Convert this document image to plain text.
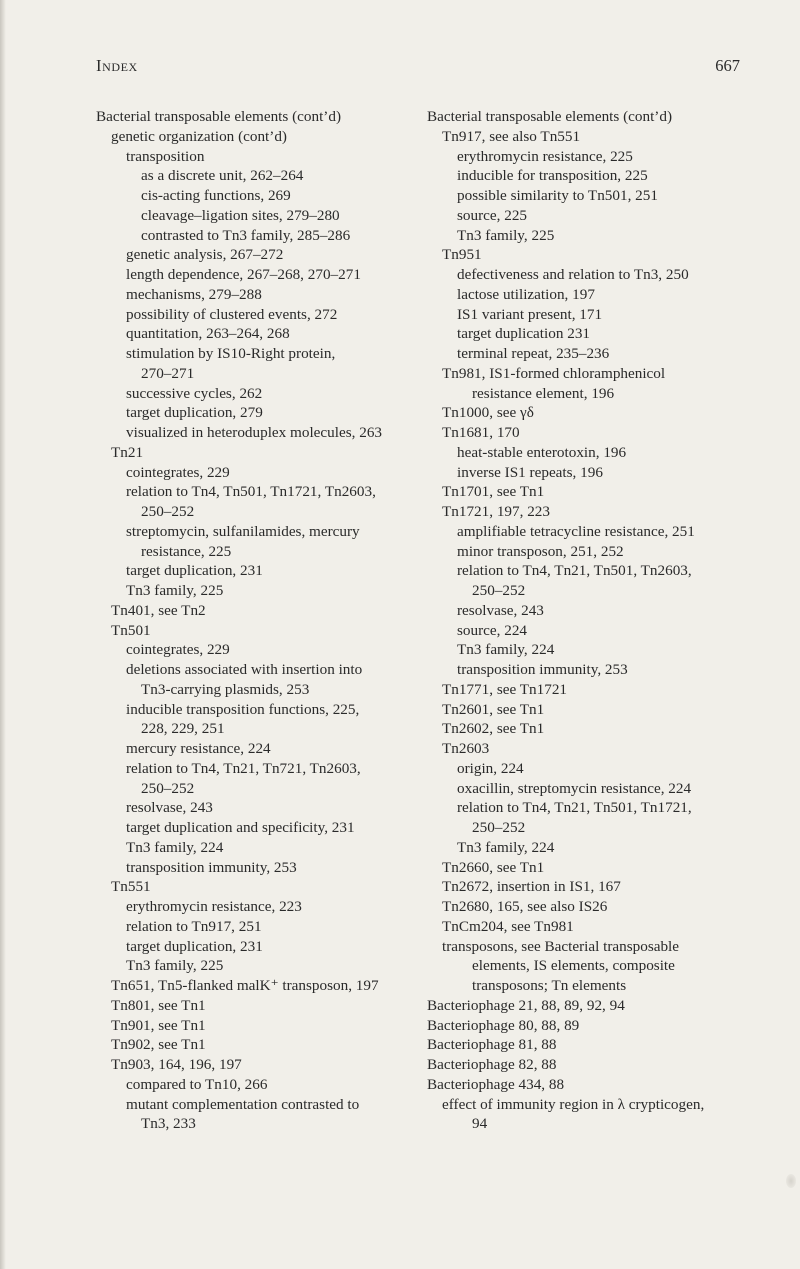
Index	667
Bacterial transposable elements (cont’d)
genetic organization (cont’d)
transposition
as a discrete unit, 262–264
cis-acting functions, 269
cleavage–ligation sites, 279–280
contrasted to Tn3 family, 285–286
genetic analysis, 267–272
length dependence, 267–268, 270–271
mechanisms, 279–288
possibility of clustered events, 272
quantitation, 263–264, 268
stimulation by IS10-Right protein,
270–271
successive cycles, 262
target duplication, 279
visualized in heteroduplex molecules, 263
Tn21
cointegrates, 229
relation to Tn4, Tn501, Tn1721, Tn2603,
250–252
streptomycin, sulfanilamides, mercury
resistance, 225
target duplication, 231
Tn3 family, 225
Tn401, see Tn2
Tn501
cointegrates, 229
deletions associated with insertion into
Tn3-carrying plasmids, 253
inducible transposition functions, 225,
228, 229, 251
mercury resistance, 224
relation to Tn4, Tn21, Tn721, Tn2603,
250–252
resolvase, 243
target duplication and specificity, 231
Tn3 family, 224
transposition immunity, 253
Tn551
erythromycin resistance, 223
relation to Tn917, 251
target duplication, 231
Tn3 family, 225
Tn651, Tn5-flanked malK⁺ transposon, 197
Tn801, see Tn1
Tn901, see Tn1
Tn902, see Tn1
Tn903, 164, 196, 197
compared to Tn10, 266
mutant complementation contrasted to
Tn3, 233
Bacterial transposable elements (cont’d)
Tn917, see also Tn551
erythromycin resistance, 225
inducible for transposition, 225
possible similarity to Tn501, 251
source, 225
Tn3 family, 225
Tn951
defectiveness and relation to Tn3, 250
lactose utilization, 197
IS1 variant present, 171
target duplication 231
terminal repeat, 235–236
Tn981, IS1-formed chloramphenicol
resistance element, 196
Tn1000, see γδ
Tn1681, 170
heat-stable enterotoxin, 196
inverse IS1 repeats, 196
Tn1701, see Tn1
Tn1721, 197, 223
amplifiable tetracycline resistance, 251
minor transposon, 251, 252
relation to Tn4, Tn21, Tn501, Tn2603,
250–252
resolvase, 243
source, 224
Tn3 family, 224
transposition immunity, 253
Tn1771, see Tn1721
Tn2601, see Tn1
Tn2602, see Tn1
Tn2603
origin, 224
oxacillin, streptomycin resistance, 224
relation to Tn4, Tn21, Tn501, Tn1721,
250–252
Tn3 family, 224
Tn2660, see Tn1
Tn2672, insertion in IS1, 167
Tn2680, 165, see also IS26
TnCm204, see Tn981
transposons, see Bacterial transposable
elements, IS elements, composite
transposons; Tn elements
Bacteriophage 21, 88, 89, 92, 94
Bacteriophage 80, 88, 89
Bacteriophage 81, 88
Bacteriophage 82, 88
Bacteriophage 434, 88
effect of immunity region in λ crypticogen,
94
